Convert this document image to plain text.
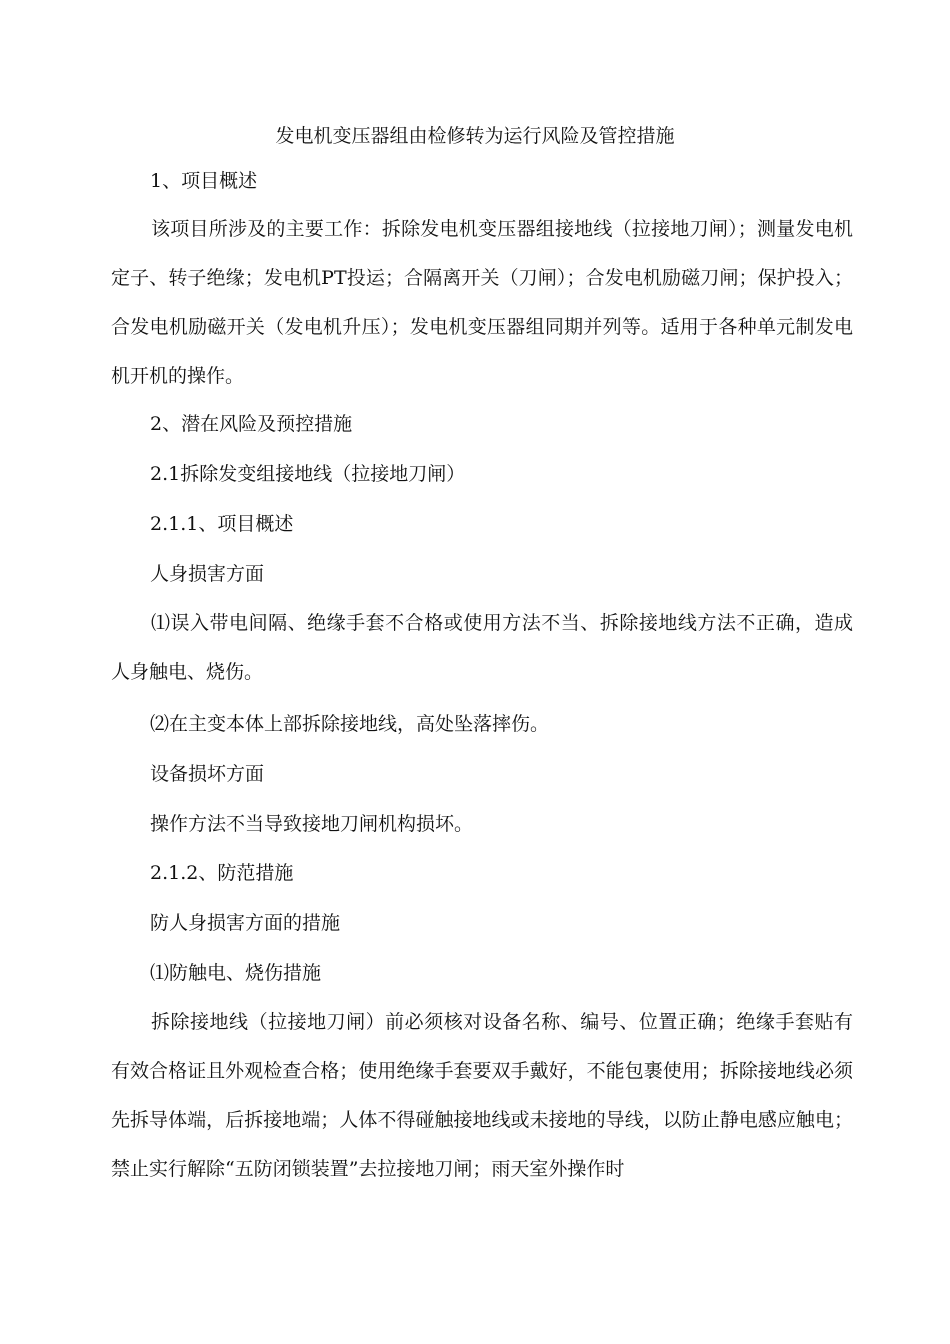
发电机变压器组由检修转为运行风险及管控措施
1、项目概述
该项目所涉及的主要工作：拆除发电机变压器组接地线（拉接地刀闸）；测量发电机定子、转子绝缘；发电机PT投运；合隔离开关（刀闸）；合发电机励磁刀闸；保护投入；合发电机励磁开关（发电机升压）；发电机变压器组同期并列等。适用于各种单元制发电机开机的操作。
2、潜在风险及预控措施
2.1拆除发变组接地线（拉接地刀闸）
2.1.1、项目概述
人身损害方面
⑴误入带电间隔、绝缘手套不合格或使用方法不当、拆除接地线方法不正确，造成人身触电、烧伤。
⑵在主变本体上部拆除接地线，高处坠落摔伤。
设备损坏方面
操作方法不当导致接地刀闸机构损坏。
2.1.2、防范措施
防人身损害方面的措施
⑴防触电、烧伤措施
拆除接地线（拉接地刀闸）前必须核对设备名称、编号、位置正确；绝缘手套贴有有效合格证且外观检查合格；使用绝缘手套要双手戴好，不能包裹使用；拆除接地线必须先拆导体端，后拆接地端；人体不得碰触接地线或未接地的导线，以防止静电感应触电；禁止实行解除“五防闭锁装置”去拉接地刀闸；雨天室外操作时
